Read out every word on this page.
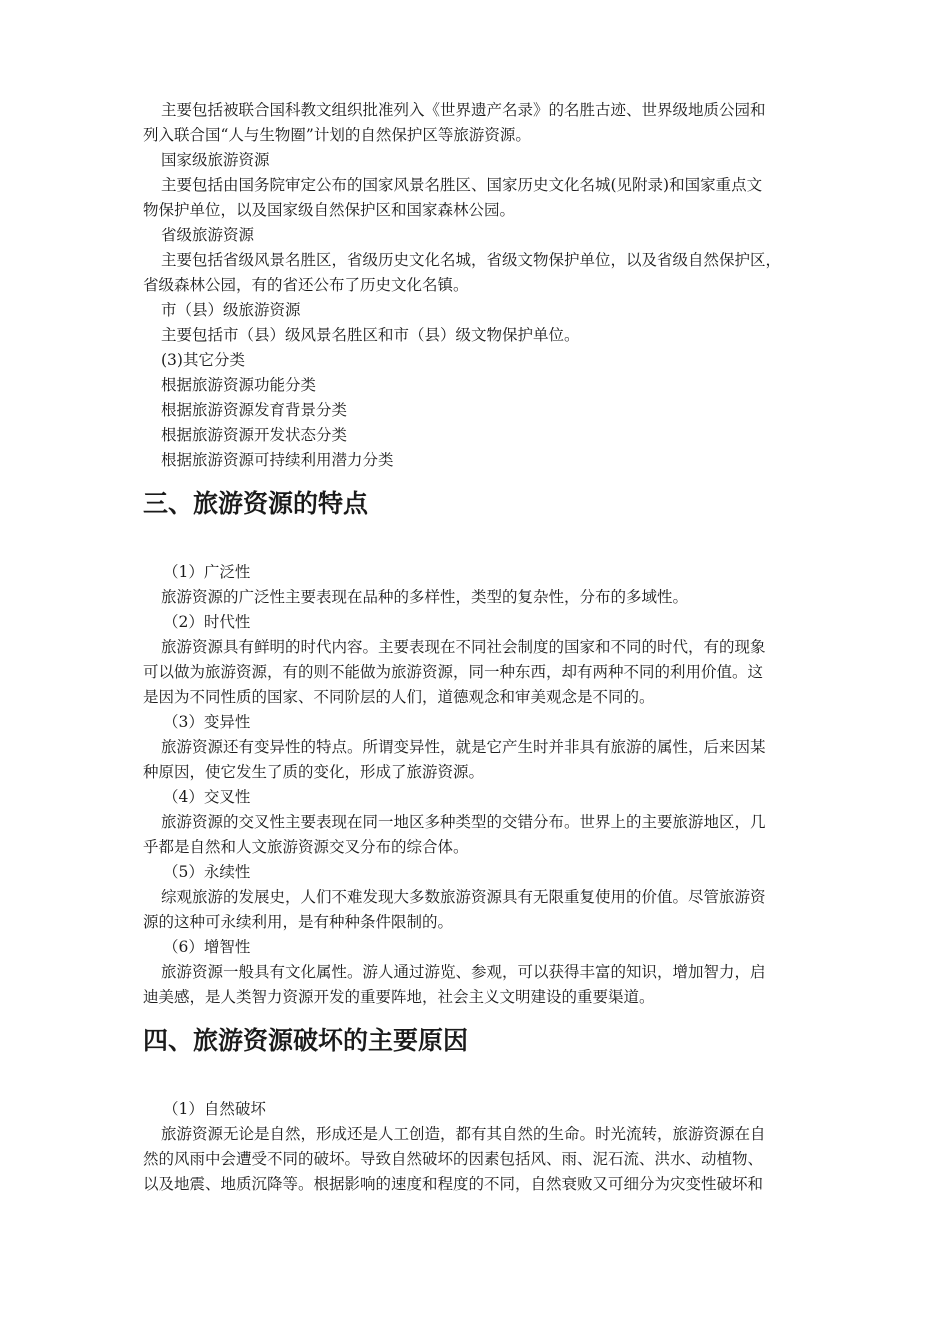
主要包括被联合国科教文组织批准列入《世界遗产名录》的名胜古迹、世界级地质公园和
列入联合国“人与生物圈”计划的自然保护区等旅游资源。
国家级旅游资源
主要包括由国务院审定公布的国家风景名胜区、国家历史文化名城(见附录)和国家重点文
物保护单位，以及国家级自然保护区和国家森林公园。
省级旅游资源
主要包括省级风景名胜区，省级历史文化名城，省级文物保护单位，以及省级自然保护区，
省级森林公园，有的省还公布了历史文化名镇。
市（县）级旅游资源
主要包括市（县）级风景名胜区和市（县）级文物保护单位。
(3)其它分类
根据旅游资源功能分类
根据旅游资源发育背景分类
根据旅游资源开发状态分类
根据旅游资源可持续利用潜力分类
三、旅游资源的特点
（1）广泛性
旅游资源的广泛性主要表现在品种的多样性，类型的复杂性，分布的多域性。
（2）时代性
旅游资源具有鲜明的时代内容。主要表现在不同社会制度的国家和不同的时代，有的现象
可以做为旅游资源，有的则不能做为旅游资源，同一种东西，却有两种不同的利用价值。这
是因为不同性质的国家、不同阶层的人们，道德观念和审美观念是不同的。
（3）变异性
旅游资源还有变异性的特点。所谓变异性，就是它产生时并非具有旅游的属性，后来因某
种原因，使它发生了质的变化，形成了旅游资源。
（4）交叉性
旅游资源的交叉性主要表现在同一地区多种类型的交错分布。世界上的主要旅游地区，几
乎都是自然和人文旅游资源交叉分布的综合体。
（5）永续性
综观旅游的发展史，人们不难发现大多数旅游资源具有无限重复使用的价值。尽管旅游资
源的这种可永续利用，是有种种条件限制的。
（6）增智性
旅游资源一般具有文化属性。游人通过游览、参观，可以获得丰富的知识，增加智力，启
迪美感，是人类智力资源开发的重要阵地，社会主义文明建设的重要渠道。
四、旅游资源破坏的主要原因
（1）自然破坏
旅游资源无论是自然，形成还是人工创造，都有其自然的生命。时光流转，旅游资源在自
然的风雨中会遭受不同的破坏。导致自然破坏的因素包括风、雨、泥石流、洪水、动植物、
以及地震、地质沉降等。根据影响的速度和程度的不同，自然衰败又可细分为灾变性破坏和
